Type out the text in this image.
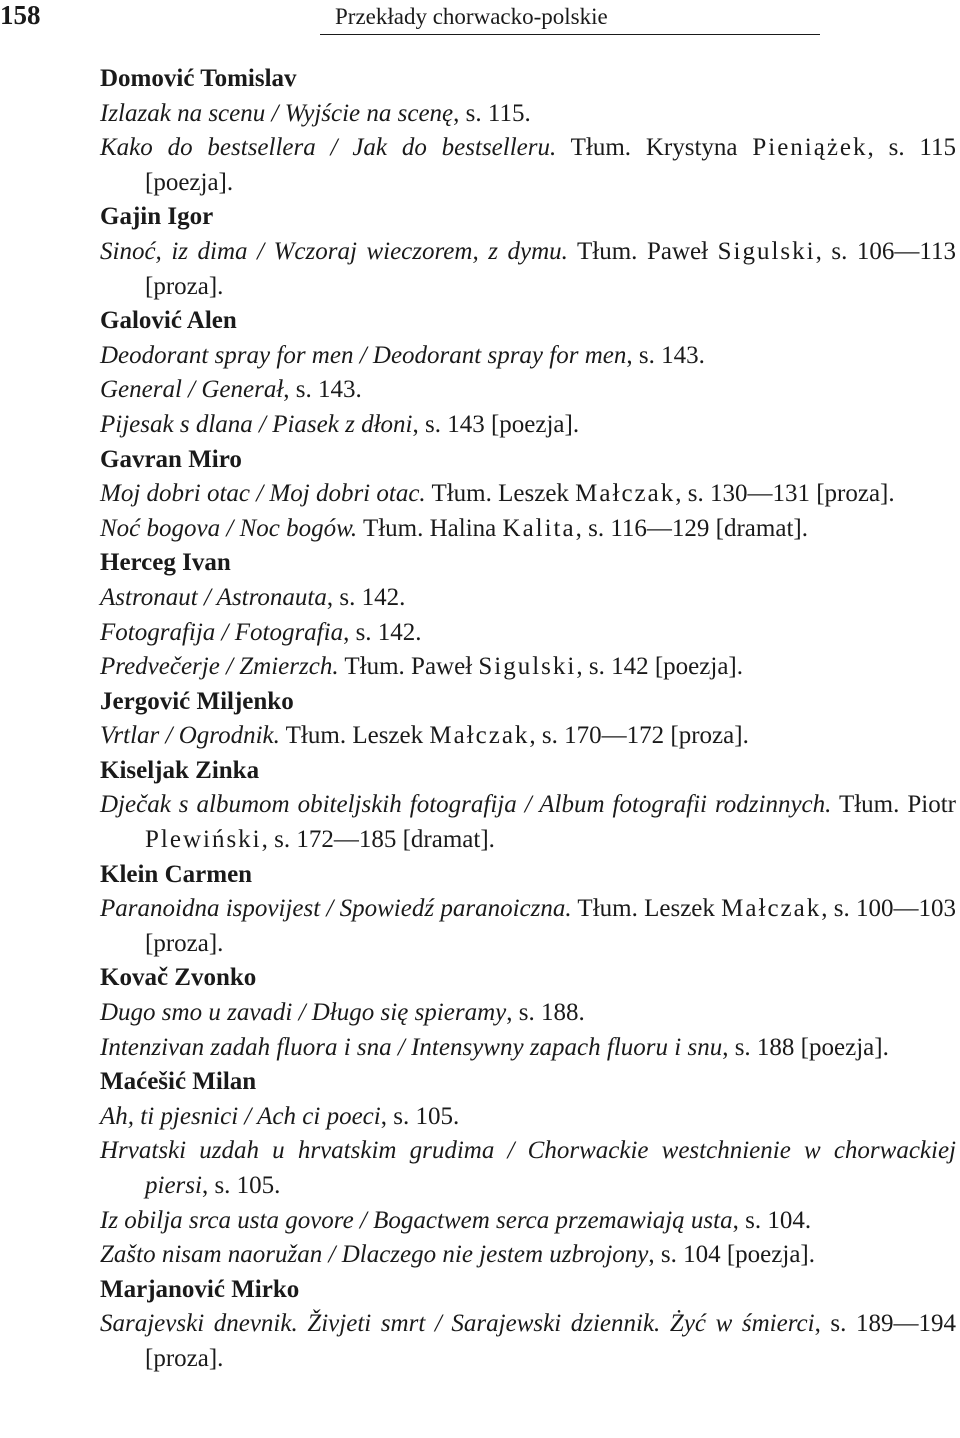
158	Przekłady chorwacko-polskie

Domović Tomislav

Izlazak na scenu / Wyjście na scenę, s. 115.

Kako do bestsellera / Jak do bestselleru. Tłum. Krystyna Pieniążek, s. 115 [poezja].

Gajin Igor

Sinoć, iz dima / Wczoraj wieczorem, z dymu. Tłum. Paweł Sigulski, s. 106—113 [proza].

Galović Alen

Deodorant spray for men / Deodorant spray for men, s. 143.

General / Generał, s. 143.

Pijesak s dlana / Piasek z dłoni, s. 143 [poezja].

Gavran Miro

Moj dobri otac / Moj dobri otac. Tłum. Leszek Małczak, s. 130—131 [proza].

Noć bogova / Noc bogów. Tłum. Halina Kalita, s. 116—129 [dramat].

Herceg Ivan

Astronaut / Astronauta, s. 142.

Fotografija / Fotografia, s. 142.

Predvečerje / Zmierzch. Tłum. Paweł Sigulski, s. 142 [poezja].

Jergović Miljenko

Vrtlar / Ogrodnik. Tłum. Leszek Małczak, s. 170—172 [proza].

Kiseljak Zinka

Dječak s albumom obiteljskih fotografija / Album fotografii rodzinnych. Tłum. Piotr Plewiński, s. 172—185 [dramat].

Klein Carmen

Paranoidna ispovijest / Spowiedź paranoiczna. Tłum. Leszek Małczak, s. 100—103 [proza].

Kovač Zvonko

Dugo smo u zavadi / Długo się spieramy, s. 188.

Intenzivan zadah fluora i sna / Intensywny zapach fluoru i snu, s. 188 [poezja].

Maćešić Milan

Ah, ti pjesnici / Ach ci poeci, s. 105.

Hrvatski uzdah u hrvatskim grudima / Chorwackie westchnienie w chorwackiej piersi, s. 105.

Iz obilja srca usta govore / Bogactwem serca przemawiają usta, s. 104.

Zašto nisam naoružan / Dlaczego nie jestem uzbrojony, s. 104 [poezja].

Marjanović Mirko

Sarajevski dnevnik. Živjeti smrt / Sarajewski dziennik. Żyć w śmierci, s. 189—194 [proza].
